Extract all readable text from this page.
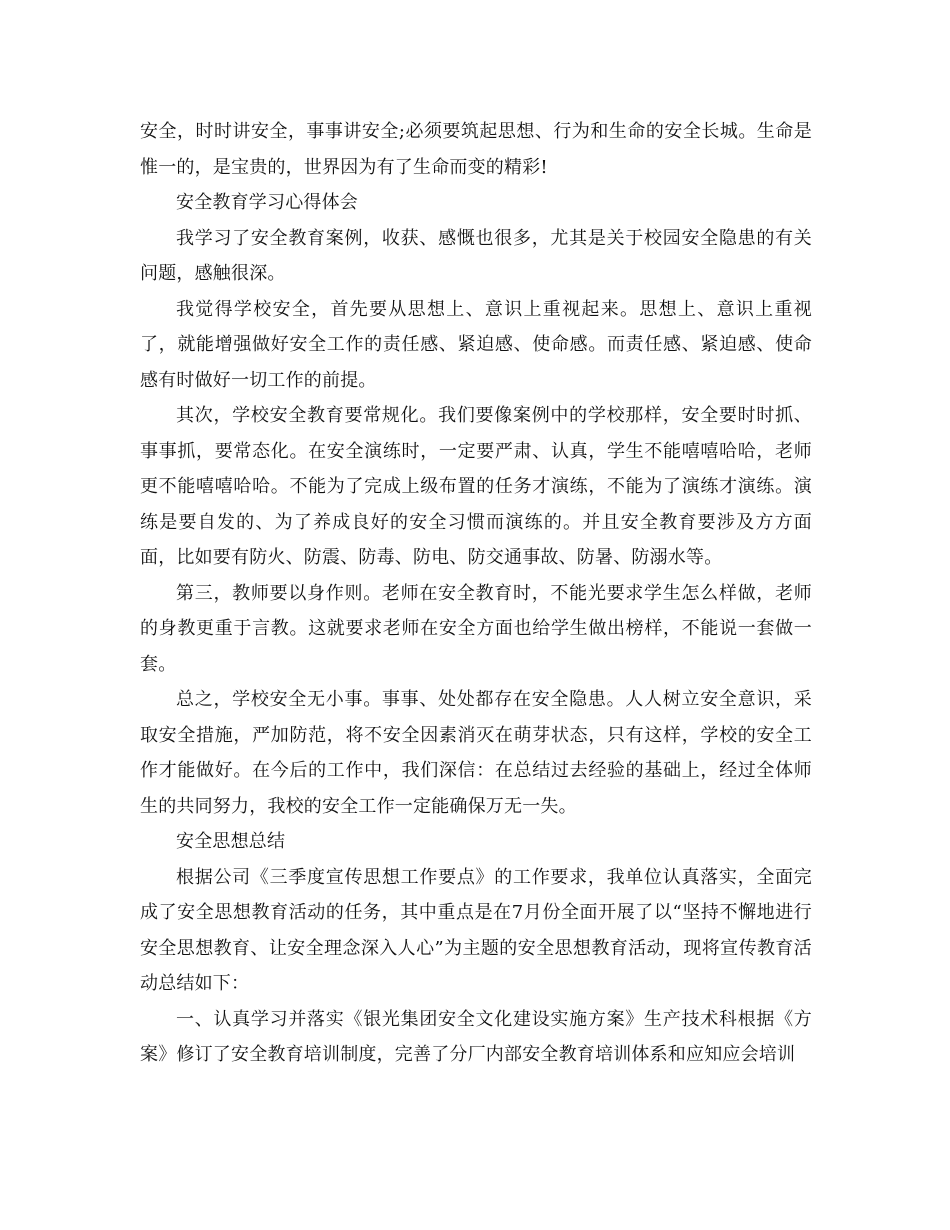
安全，时时讲安全，事事讲安全;必须要筑起思想、行为和生命的安全长城。生命是惟一的，是宝贵的，世界因为有了生命而变的精彩!

安全教育学习心得体会

我学习了安全教育案例，收获、感慨也很多，尤其是关于校园安全隐患的有关问题，感触很深。

我觉得学校安全，首先要从思想上、意识上重视起来。思想上、意识上重视了，就能增强做好安全工作的责任感、紧迫感、使命感。而责任感、紧迫感、使命感有时做好一切工作的前提。

其次，学校安全教育要常规化。我们要像案例中的学校那样，安全要时时抓、事事抓，要常态化。在安全演练时，一定要严肃、认真，学生不能嘻嘻哈哈，老师更不能嘻嘻哈哈。不能为了完成上级布置的任务才演练，不能为了演练才演练。演练是要自发的、为了养成良好的安全习惯而演练的。并且安全教育要涉及方方面面，比如要有防火、防震、防毒、防电、防交通事故、防暑、防溺水等。

第三，教师要以身作则。老师在安全教育时，不能光要求学生怎么样做，老师的身教更重于言教。这就要求老师在安全方面也给学生做出榜样，不能说一套做一套。

总之，学校安全无小事。事事、处处都存在安全隐患。人人树立安全意识，采取安全措施，严加防范，将不安全因素消灭在萌芽状态，只有这样，学校的安全工作才能做好。在今后的工作中，我们深信：在总结过去经验的基础上，经过全体师生的共同努力，我校的安全工作一定能确保万无一失。

安全思想总结

根据公司《三季度宣传思想工作要点》的工作要求，我单位认真落实，全面完成了安全思想教育活动的任务，其中重点是在7月份全面开展了以“坚持不懈地进行安全思想教育、让安全理念深入人心”为主题的安全思想教育活动，现将宣传教育活动总结如下：

一、认真学习并落实《银光集团安全文化建设实施方案》生产技术科根据《方案》修订了安全教育培训制度，完善了分厂内部安全教育培训体系和应知应会培训
